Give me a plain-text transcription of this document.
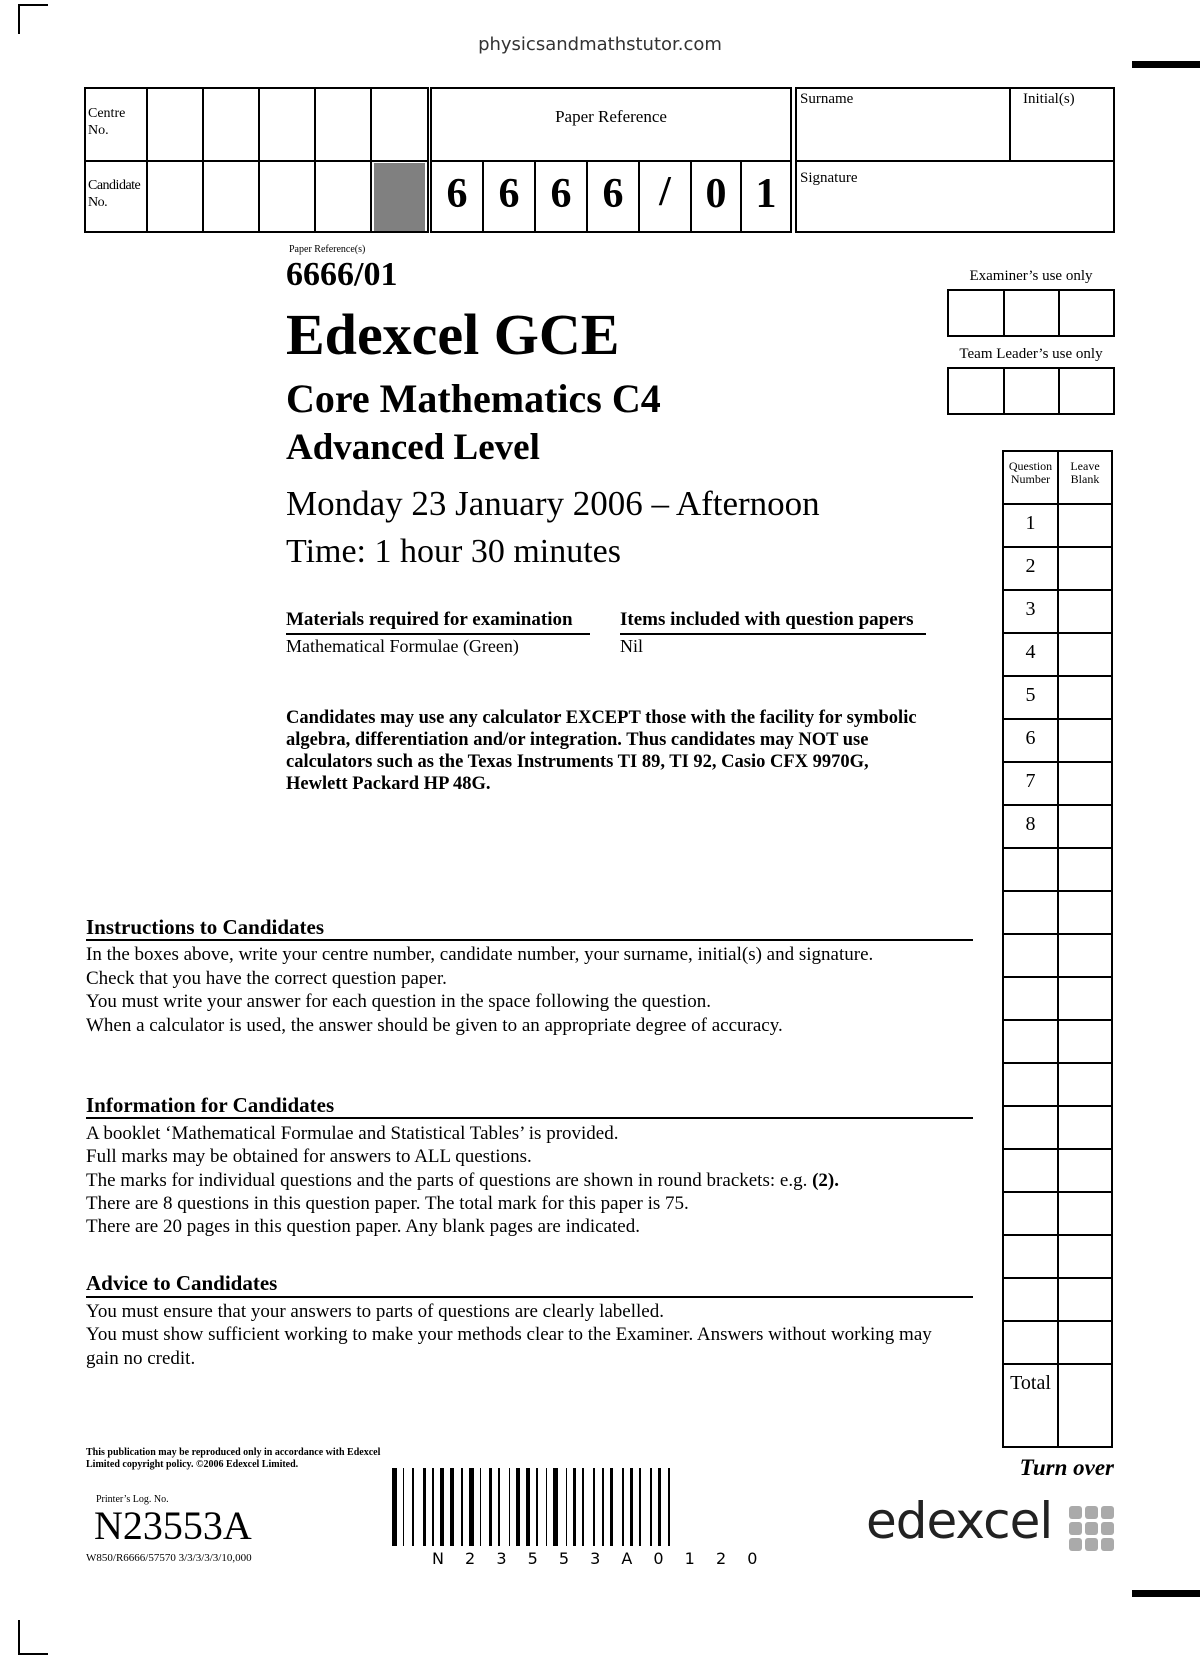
physicsandmathstutor.com
Centre
No.
Candidate
No.
Paper Reference
6 6 6 6 / 0 1
Surname	Initial(s)
Signature
Paper Reference(s)
6666/01
Edexcel GCE
Core Mathematics C4
Advanced Level
Monday 23 January 2006 – Afternoon
Time: 1 hour 30 minutes
Materials required for examination
Mathematical Formulae (Green)
Items included with question papers
Nil
Candidates may use any calculator EXCEPT those with the facility for symbolic algebra, differentiation and/or integration. Thus candidates may NOT use calculators such as the Texas Instruments TI 89, TI 92, Casio CFX 9970G, Hewlett Packard HP 48G.
Instructions to Candidates
In the boxes above, write your centre number, candidate number, your surname, initial(s) and signature.
Check that you have the correct question paper.
You must write your answer for each question in the space following the question.
When a calculator is used, the answer should be given to an appropriate degree of accuracy.
Information for Candidates
A booklet ‘Mathematical Formulae and Statistical Tables’ is provided.
Full marks may be obtained for answers to ALL questions.
The marks for individual questions and the parts of questions are shown in round brackets: e.g. (2).
There are 8 questions in this question paper. The total mark for this paper is 75.
There are 20 pages in this question paper. Any blank pages are indicated.
Advice to Candidates
You must ensure that your answers to parts of questions are clearly labelled.
You must show sufficient working to make your methods clear to the Examiner. Answers without working may gain no credit.
Examiner’s use only
Team Leader’s use only
Question
Number
Leave
Blank
1
2
3
4
5
6
7
8
Total
This publication may be reproduced only in accordance with Edexcel Limited copyright policy. ©2006 Edexcel Limited.
Printer’s Log. No.
N23553A
W850/R6666/57570 3/3/3/3/3/10,000	N 2 3 5 5 3 A 0 1 2 0
Turn over
edexcel
